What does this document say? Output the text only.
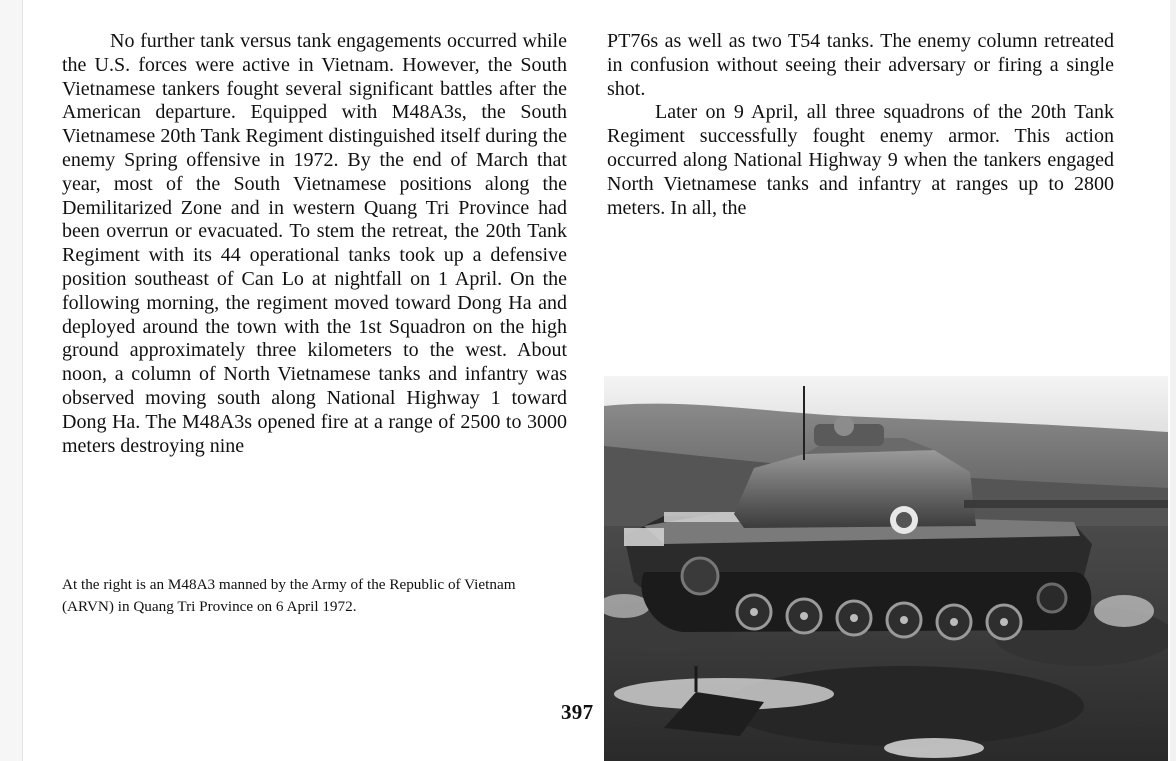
No further tank versus tank engagements occurred while the U.S. forces were active in Vietnam. However, the South Vietnamese tankers fought several significant battles after the American departure. Equipped with M48A3s, the South Vietnamese 20th Tank Regiment distinguished itself during the enemy Spring offensive in 1972. By the end of March that year, most of the South Vietnamese positions along the Demilitarized Zone and in western Quang Tri Province had been overrun or evacuated. To stem the retreat, the 20th Tank Regiment with its 44 operational tanks took up a defensive position southeast of Can Lo at nightfall on 1 April. On the following morning, the regiment moved toward Dong Ha and deployed around the town with the 1st Squadron on the high ground approximately three kilometers to the west. About noon, a column of North Vietnamese tanks and infantry was observed moving south along National Highway 1 toward Dong Ha. The M48A3s opened fire at a range of 2500 to 3000 meters destroying nine

PT76s as well as two T54 tanks. The enemy column retreated in confusion without seeing their adversary or firing a single shot.

Later on 9 April, all three squadrons of the 20th Tank Regiment successfully fought enemy armor. This action occurred along National Highway 9 when the tankers engaged North Vietnamese tanks and infantry at ranges up to 2800 meters. In all, the

At the right is an M48A3 manned by the Army of the Republic of Vietnam (ARVN) in Quang Tri Province on 6 April 1972.
397
